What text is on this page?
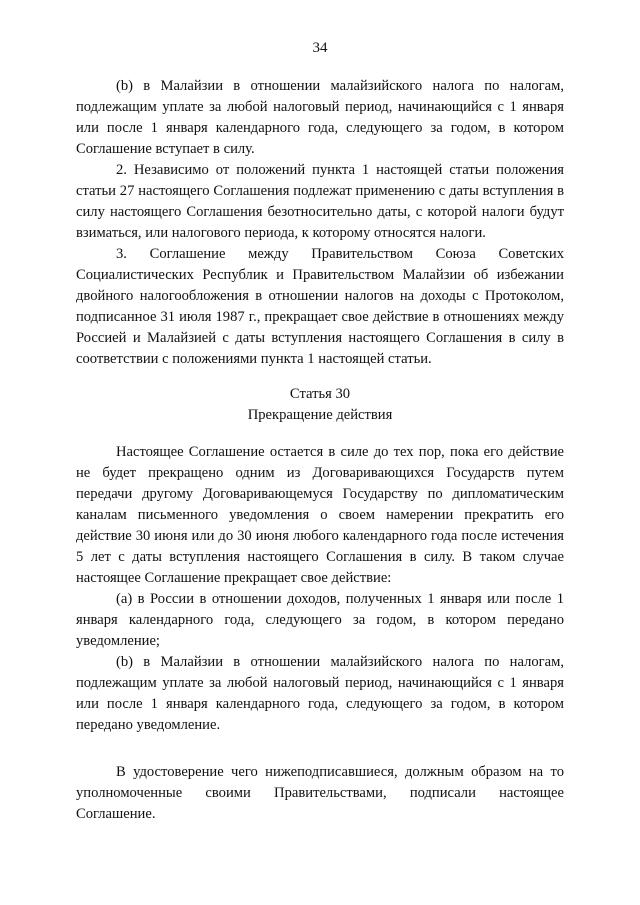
34

(b) в Малайзии в отношении малайзийского налога по налогам, подлежащим уплате за любой налоговый период, начинающийся с 1 января или после 1 января календарного года, следующего за годом, в котором Соглашение вступает в силу.

2. Независимо от положений пункта 1 настоящей статьи положения статьи 27 настоящего Соглашения подлежат применению с даты вступления в силу настоящего Соглашения безотносительно даты, с которой налоги будут взиматься, или налогового периода, к которому относятся налоги.

3. Соглашение между Правительством Союза Советских Социалистических Республик и Правительством Малайзии об избежании двойного налогообложения в отношении налогов на доходы с Протоколом, подписанное 31 июля 1987 г., прекращает свое действие в отношениях между Россией и Малайзией с даты вступления настоящего Соглашения в силу в соответствии с положениями пункта 1 настоящей статьи.

Статья 30

Прекращение действия

Настоящее Соглашение остается в силе до тех пор, пока его действие не будет прекращено одним из Договаривающихся Государств путем передачи другому Договаривающемуся Государству по дипломатическим каналам письменного уведомления о своем намерении прекратить его действие 30 июня или до 30 июня любого календарного года после истечения 5 лет с даты вступления настоящего Соглашения в силу. В таком случае настоящее Соглашение прекращает свое действие:

(a) в России в отношении доходов, полученных 1 января или после 1 января календарного года, следующего за годом, в котором передано уведомление;

(b) в Малайзии в отношении малайзийского налога по налогам, подлежащим уплате за любой налоговый период, начинающийся с 1 января или после 1 января календарного года, следующего за годом, в котором передано уведомление.

В удостоверение чего нижеподписавшиеся, должным образом на то уполномоченные своими Правительствами, подписали настоящее Соглашение.
